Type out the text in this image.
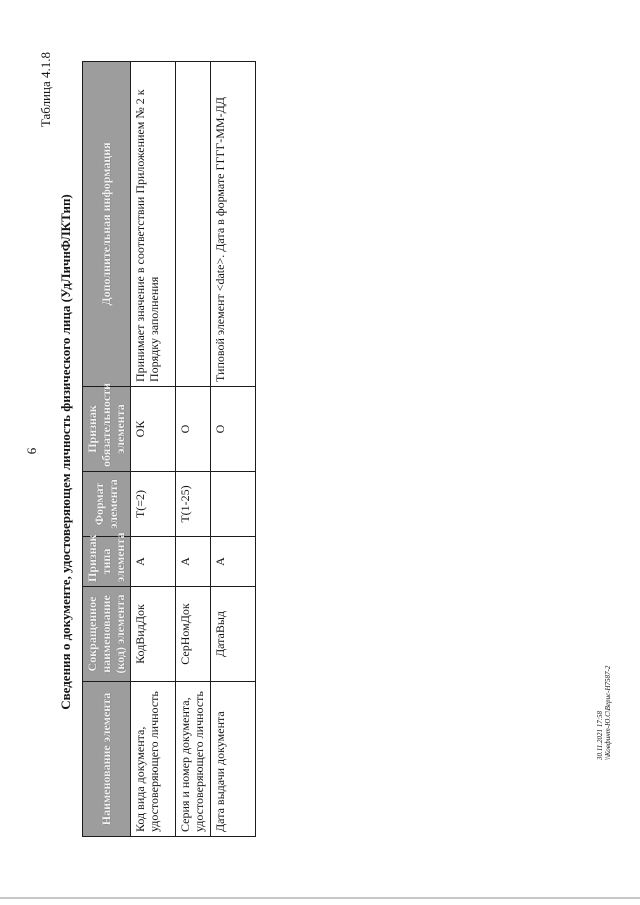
9
Таблица 4.1.8
Сведения о документе, удостоверяющем личность физического лица (УдЛичнФЛКТип)
Наименование элемента	Сокращенное наименование (код) элемента	Признак типа элемента	Формат элемента	Признак обязательности элемента	Дополнительная информация
Код вида документа, удостоверяющего личность	КодВидДок	А	T(=2)	ОК	Принимает значение в соответствии Приложением № 2 к Порядку заполнения
Серия и номер документа, удостоверяющего личность	СерНомДок	А	T(1-25)	О	
Дата выдачи документа	ДатаВыд	А		О	Типовой элемент <date>. Дата в формате ГГГГ-ММ-ДД
30.11.2021 17:58 \\Ковфинт-Ю.С\Верис-Н7587-2
